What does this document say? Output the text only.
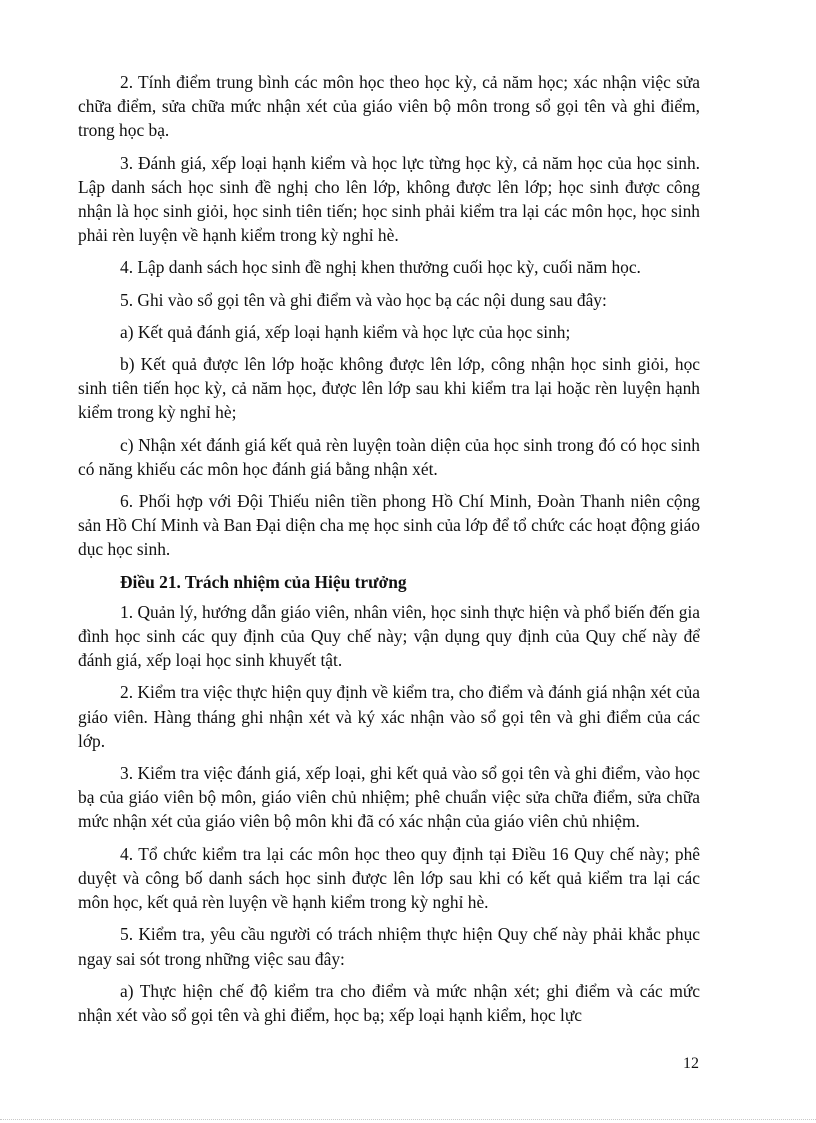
2. Tính điểm trung bình các môn học theo học kỳ, cả năm học; xác nhận việc sửa chữa điểm, sửa chữa mức nhận xét của giáo viên bộ môn trong sổ gọi tên và ghi điểm, trong học bạ.

3. Đánh giá, xếp loại hạnh kiểm và học lực từng học kỳ, cả năm học của học sinh. Lập danh sách học sinh đề nghị cho lên lớp, không được lên lớp; học sinh được công nhận là học sinh giỏi, học sinh tiên tiến; học sinh phải kiểm tra lại các môn học, học sinh phải rèn luyện về hạnh kiểm trong kỳ nghỉ hè.

4. Lập danh sách học sinh đề nghị khen thưởng cuối học kỳ, cuối năm học.

5. Ghi vào sổ gọi tên và ghi điểm và vào học bạ các nội dung sau đây:

a) Kết quả đánh giá, xếp loại hạnh kiểm và học lực của học sinh;

b) Kết quả được lên lớp hoặc không được lên lớp, công nhận học sinh giỏi, học sinh tiên tiến học kỳ, cả năm học, được lên lớp sau khi kiểm tra lại hoặc rèn luyện hạnh kiểm trong kỳ nghỉ hè;

c) Nhận xét đánh giá kết quả rèn luyện toàn diện của học sinh trong đó có học sinh có năng khiếu các môn học đánh giá bằng nhận xét.

6. Phối hợp với Đội Thiếu niên tiền phong Hồ Chí Minh, Đoàn Thanh niên cộng sản Hồ Chí Minh và Ban Đại diện cha mẹ học sinh của lớp để tổ chức các hoạt động giáo dục học sinh.

Điều 21. Trách nhiệm của Hiệu trưởng

1. Quản lý, hướng dẫn giáo viên, nhân viên, học sinh thực hiện và phổ biến đến gia đình học sinh các quy định của Quy chế này; vận dụng quy định của Quy chế này để đánh giá, xếp loại học sinh khuyết tật.

2. Kiểm tra việc thực hiện quy định về kiểm tra, cho điểm và đánh giá nhận xét của giáo viên. Hàng tháng ghi nhận xét và ký xác nhận vào sổ gọi tên và ghi điểm của các lớp.

3. Kiểm tra việc đánh giá, xếp loại, ghi kết quả vào sổ gọi tên và ghi điểm, vào học bạ của giáo viên bộ môn, giáo viên chủ nhiệm; phê chuẩn việc sửa chữa điểm, sửa chữa mức nhận xét của giáo viên bộ môn khi đã có xác nhận của giáo viên chủ nhiệm.

4. Tổ chức kiểm tra lại các môn học theo quy định tại Điều 16 Quy chế này; phê duyệt và công bố danh sách học sinh được lên lớp sau khi có kết quả kiểm tra lại các môn học, kết quả rèn luyện về hạnh kiểm trong kỳ nghỉ hè.

5. Kiểm tra, yêu cầu người có trách nhiệm thực hiện Quy chế này phải khắc phục ngay sai sót trong những việc sau đây:

a) Thực hiện chế độ kiểm tra cho điểm và mức nhận xét; ghi điểm và các mức nhận xét vào sổ gọi tên và ghi điểm, học bạ; xếp loại hạnh kiểm, học lực

12
